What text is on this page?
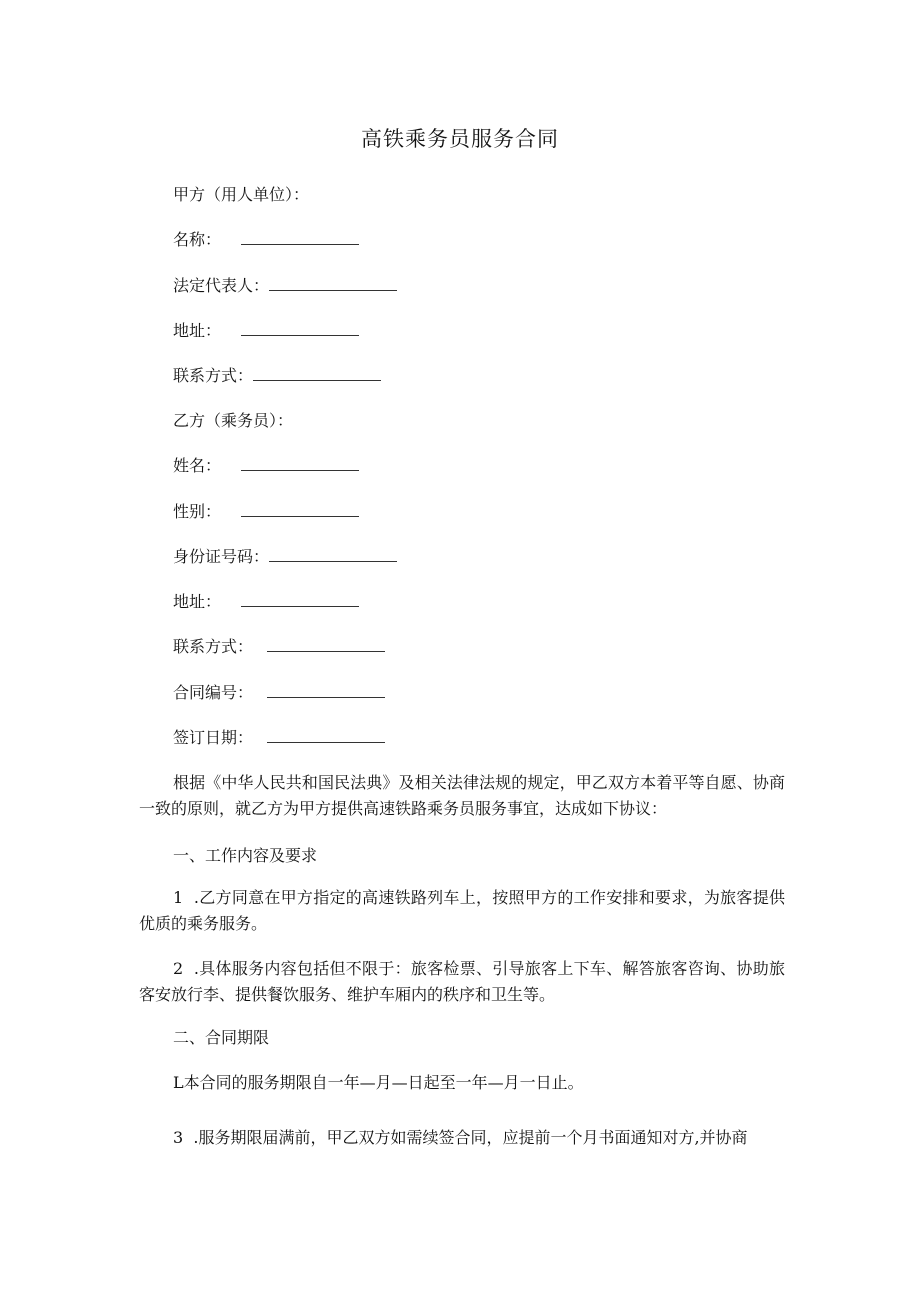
高铁乘务员服务合同
甲方（用人单位）：
名称：
法定代表人：
地址：
联系方式：
乙方（乘务员）：
姓名：
性别：
身份证号码：
地址：
联系方式：
合同编号：
签订日期：
根据《中华人民共和国民法典》及相关法律法规的规定，甲乙双方本着平等自愿、协商一致的原则，就乙方为甲方提供高速铁路乘务员服务事宜，达成如下协议：
一、工作内容及要求
1  .乙方同意在甲方指定的高速铁路列车上，按照甲方的工作安排和要求，为旅客提供优质的乘务服务。
2  .具体服务内容包括但不限于：旅客检票、引导旅客上下车、解答旅客咨询、协助旅客安放行李、提供餐饮服务、维护车厢内的秩序和卫生等。
二、合同期限
L本合同的服务期限自一年—月—日起至一年—月一日止。
3  .服务期限届满前，甲乙双方如需续签合同，应提前一个月书面通知对方,并协商
